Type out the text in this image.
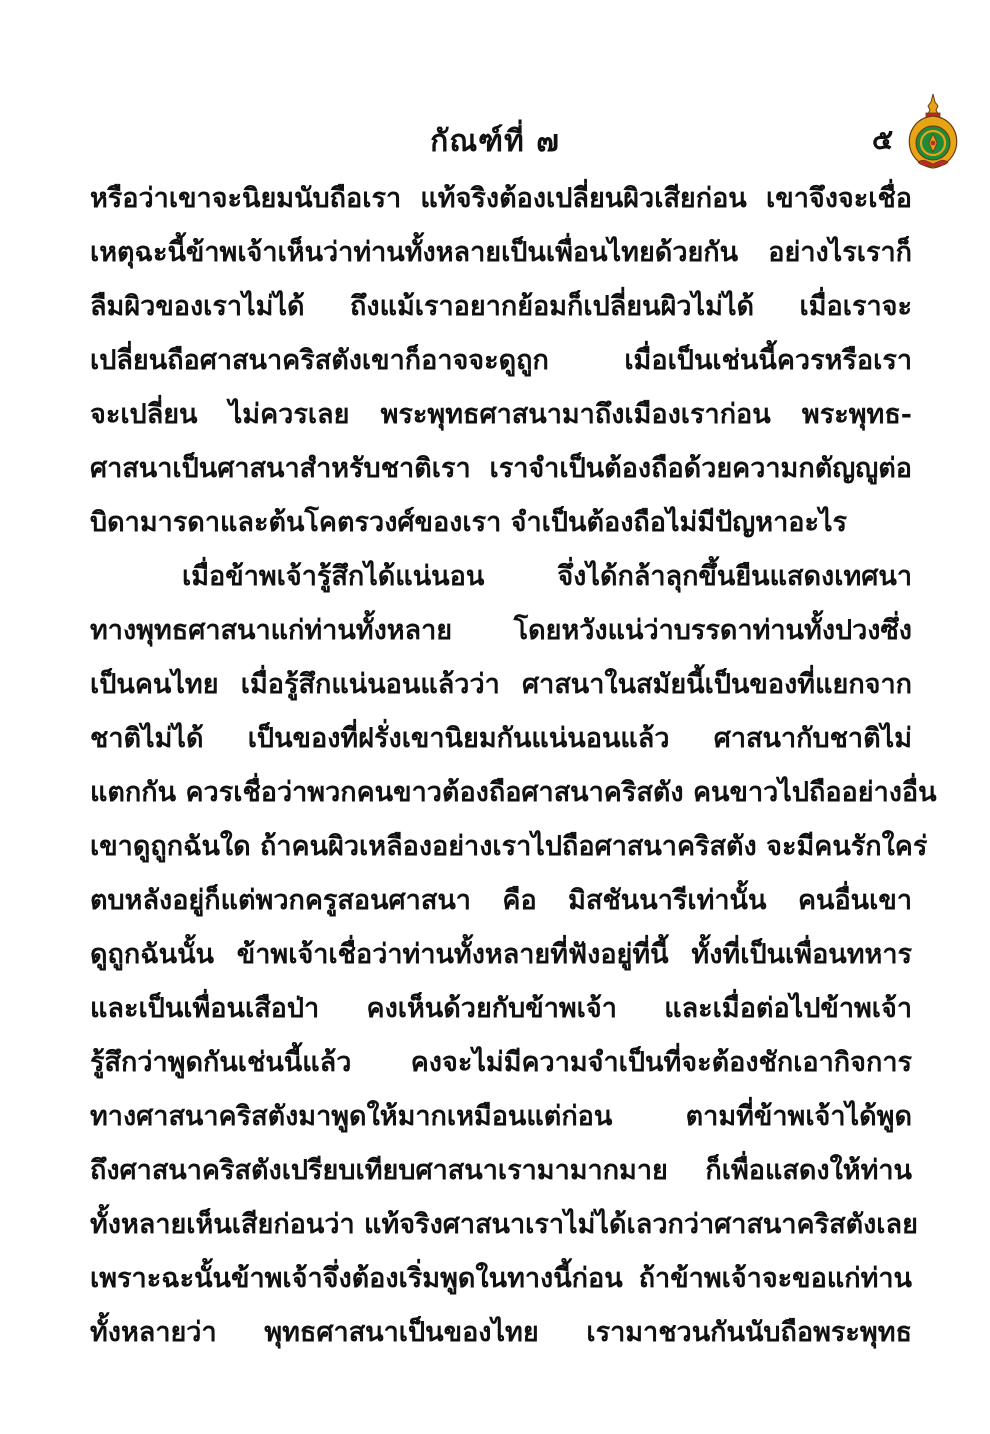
กัณฑ์ที่ ๗	๕
หรือว่าเขาจะนิยมนับถือเรา แท้จริงต้องเปลี่ยนผิวเสียก่อน เขาจึงจะเชื่อ
เหตุฉะนี้ข้าพเจ้าเห็นว่าท่านทั้งหลายเป็นเพื่อนไทยด้วยกัน อย่างไรเราก็
ลืมผิวของเราไม่ได้ ถึงแม้เราอยากย้อมก็เปลี่ยนผิวไม่ได้ เมื่อเราจะ
เปลี่ยนถือศาสนาคริสตังเขาก็อาจจะดูถูก เมื่อเป็นเช่นนี้ควรหรือเรา
จะเปลี่ยน ไม่ควรเลย พระพุทธศาสนามาถึงเมืองเราก่อน พระพุทธ-
ศาสนาเป็นศาสนาสำหรับชาติเรา เราจำเป็นต้องถือด้วยความกตัญญูต่อ
บิดามารดาและต้นโคตรวงศ์ของเรา จำเป็นต้องถือไม่มีปัญหาอะไร
เมื่อข้าพเจ้ารู้สึกได้แน่นอน จึ่งได้กล้าลุกขึ้นยืนแสดงเทศนา
ทางพุทธศาสนาแก่ท่านทั้งหลาย โดยหวังแน่ว่าบรรดาท่านทั้งปวงซึ่ง
เป็นคนไทย เมื่อรู้สึกแน่นอนแล้วว่า ศาสนาในสมัยนี้เป็นของที่แยกจาก
ชาติไม่ได้ เป็นของที่ฝรั่งเขานิยมกันแน่นอนแล้ว ศาสนากับชาติไม่
แตกกัน ควรเชื่อว่าพวกคนขาวต้องถือศาสนาคริสตัง คนขาวไปถืออย่างอื่น
เขาดูถูกฉันใด ถ้าคนผิวเหลืองอย่างเราไปถือศาสนาคริสตัง จะมีคนรักใคร่
ตบหลังอยู่ก็แต่พวกครูสอนศาสนา คือ มิสชันนารีเท่านั้น คนอื่นเขา
ดูถูกฉันนั้น ข้าพเจ้าเชื่อว่าท่านทั้งหลายที่ฟังอยู่ที่นี้ ทั้งที่เป็นเพื่อนทหาร
และเป็นเพื่อนเสือป่า คงเห็นด้วยกับข้าพเจ้า และเมื่อต่อไปข้าพเจ้า
รู้สึกว่าพูดกันเช่นนี้แล้ว คงจะไม่มีความจำเป็นที่จะต้องชักเอากิจการ
ทางศาสนาคริสตังมาพูดให้มากเหมือนแต่ก่อน ตามที่ข้าพเจ้าได้พูด
ถึงศาสนาคริสตังเปรียบเทียบศาสนาเรามามากมาย ก็เพื่อแสดงให้ท่าน
ทั้งหลายเห็นเสียก่อนว่า แท้จริงศาสนาเราไม่ได้เลวกว่าศาสนาคริสตังเลย
เพราะฉะนั้นข้าพเจ้าจึ่งต้องเริ่มพูดในทางนี้ก่อน ถ้าข้าพเจ้าจะขอแก่ท่าน
ทั้งหลายว่า พุทธศาสนาเป็นของไทย เรามาชวนกันนับถือพระพุทธ
